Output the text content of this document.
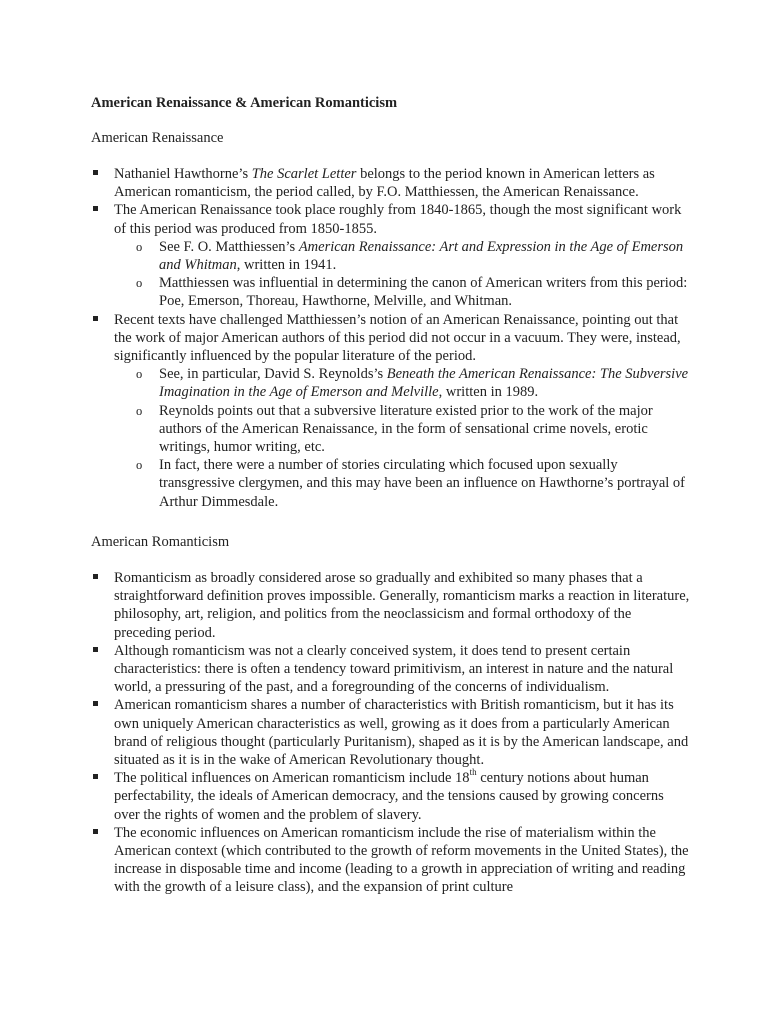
American Renaissance & American Romanticism
American Renaissance
Nathaniel Hawthorne’s The Scarlet Letter belongs to the period known in American letters as American romanticism, the period called, by F.O. Matthiessen, the American Renaissance.
The American Renaissance took place roughly from 1840-1865, though the most significant work of this period was produced from 1850-1855.
o See F. O. Matthiessen’s American Renaissance: Art and Expression in the Age of Emerson and Whitman, written in 1941.
o Matthiessen was influential in determining the canon of American writers from this period: Poe, Emerson, Thoreau, Hawthorne, Melville, and Whitman.
Recent texts have challenged Matthiessen’s notion of an American Renaissance, pointing out that the work of major American authors of this period did not occur in a vacuum. They were, instead, significantly influenced by the popular literature of the period.
o See, in particular, David S. Reynolds’s Beneath the American Renaissance: The Subversive Imagination in the Age of Emerson and Melville, written in 1989.
o Reynolds points out that a subversive literature existed prior to the work of the major authors of the American Renaissance, in the form of sensational crime novels, erotic writings, humor writing, etc.
o In fact, there were a number of stories circulating which focused upon sexually transgressive clergymen, and this may have been an influence on Hawthorne’s portrayal of Arthur Dimmesdale.
American Romanticism
Romanticism as broadly considered arose so gradually and exhibited so many phases that a straightforward definition proves impossible. Generally, romanticism marks a reaction in literature, philosophy, art, religion, and politics from the neoclassicism and formal orthodoxy of the preceding period.
Although romanticism was not a clearly conceived system, it does tend to present certain characteristics: there is often a tendency toward primitivism, an interest in nature and the natural world, a pressuring of the past, and a foregrounding of the concerns of individualism.
American romanticism shares a number of characteristics with British romanticism, but it has its own uniquely American characteristics as well, growing as it does from a particularly American brand of religious thought (particularly Puritanism), shaped as it is by the American landscape, and situated as it is in the wake of American Revolutionary thought.
The political influences on American romanticism include 18th century notions about human perfectability, the ideals of American democracy, and the tensions caused by growing concerns over the rights of women and the problem of slavery.
The economic influences on American romanticism include the rise of materialism within the American context (which contributed to the growth of reform movements in the United States), the increase in disposable time and income (leading to a growth in appreciation of writing and reading with the growth of a leisure class), and the expansion of print culture
